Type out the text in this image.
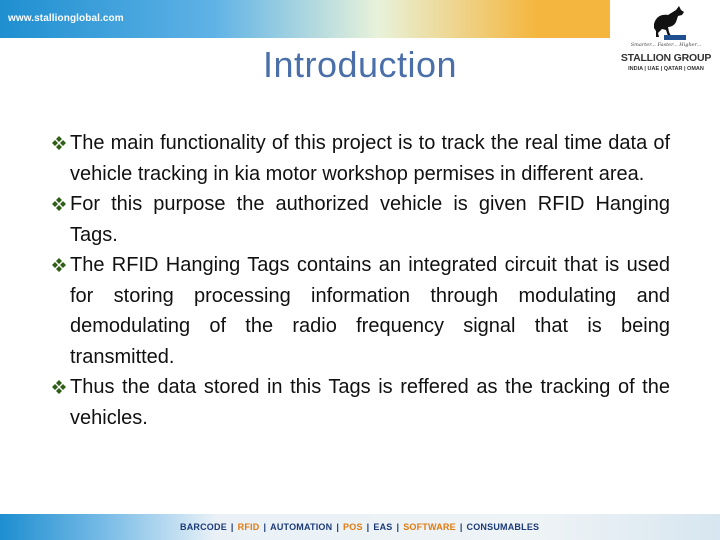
www.stallionglobal.com
Smarter... Faster... Higher...
STALLION GROUP
INDIA | UAE | QATAR | OMAN
Introduction
The main functionality of this project is to track the real time data of vehicle tracking in kia motor workshop permises in different area.
For this purpose the authorized vehicle is given RFID Hanging Tags.
The RFID Hanging Tags contains an integrated circuit that is used for storing processing information through modulating and demodulating of the radio frequency signal that is being transmitted.
Thus the data stored in this Tags is reffered as the tracking of the vehicles.
BARCODE | RFID | AUTOMATION | POS | EAS | SOFTWARE | CONSUMABLES
